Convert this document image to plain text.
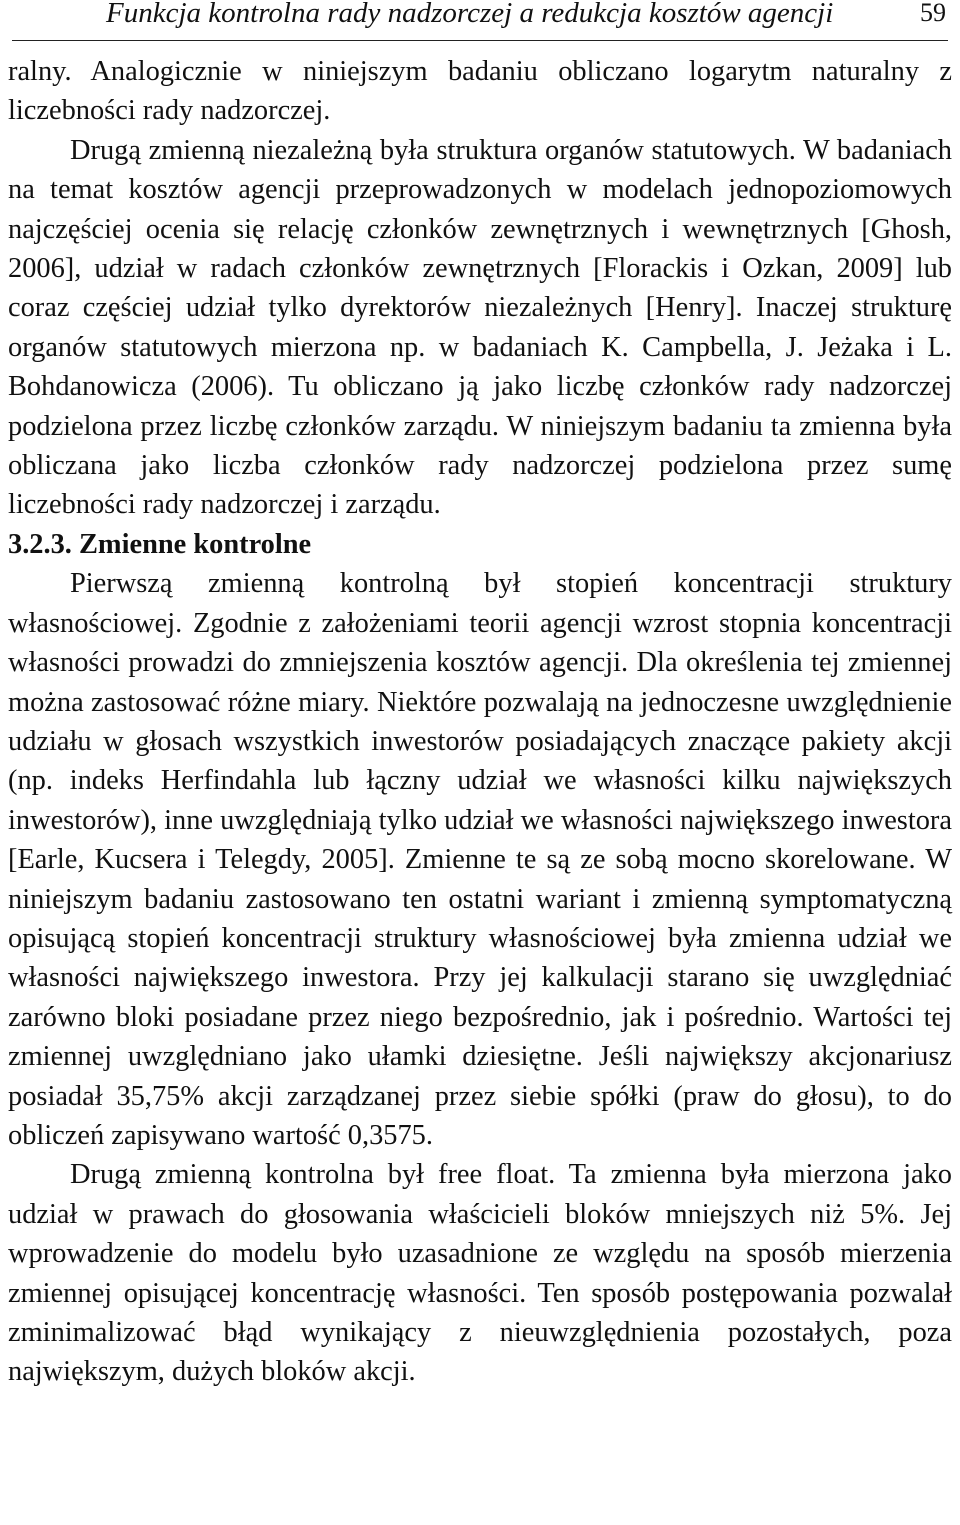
Funkcja kontrolna rady nadzorczej a redukcja kosztów agencji	59

ralny. Analogicznie w niniejszym badaniu obliczano logarytm naturalny z liczebności rady nadzorczej.

Drugą zmienną niezależną była struktura organów statutowych. W badaniach na temat kosztów agencji przeprowadzonych w modelach jednopoziomowych najczęściej ocenia się relację członków zewnętrznych i wewnętrznych [Ghosh, 2006], udział w radach członków zewnętrznych [Florackis i Ozkan, 2009] lub coraz częściej udział tylko dyrektorów niezależnych [Henry]. Inaczej strukturę organów statutowych mierzona np. w badaniach K. Campbella, J. Jeżaka i L. Bohdanowicza (2006). Tu obliczano ją jako liczbę członków rady nadzorczej podzielona przez liczbę członków zarządu. W niniejszym badaniu ta zmienna była obliczana jako liczba członków rady nadzorczej podzielona przez sumę liczebności rady nadzorczej i zarządu.

3.2.3. Zmienne kontrolne

Pierwszą zmienną kontrolną był stopień koncentracji struktury własnościowej. Zgodnie z założeniami teorii agencji wzrost stopnia koncentracji własności prowadzi do zmniejszenia kosztów agencji. Dla określenia tej zmiennej można zastosować różne miary. Niektóre pozwalają na jednoczesne uwzględnienie udziału w głosach wszystkich inwestorów posiadających znaczące pakiety akcji (np. indeks Herfindahla lub łączny udział we własności kilku największych inwestorów), inne uwzględniają tylko udział we własności największego inwestora [Earle, Kucsera i Telegdy, 2005]. Zmienne te są ze sobą mocno skorelowane. W niniejszym badaniu zastosowano ten ostatni wariant i zmienną symptomatyczną opisującą stopień koncentracji struktury własnościowej była zmienna udział we własności największego inwestora. Przy jej kalkulacji starano się uwzględniać zarówno bloki posiadane przez niego bezpośrednio, jak i pośrednio. Wartości tej zmiennej uwzględniano jako ułamki dziesiętne. Jeśli największy akcjonariusz posiadał 35,75% akcji zarządzanej przez siebie spółki (praw do głosu), to do obliczeń zapisywano wartość 0,3575.

Drugą zmienną kontrolna był free float. Ta zmienna była mierzona jako udział w prawach do głosowania właścicieli bloków mniejszych niż 5%. Jej wprowadzenie do modelu było uzasadnione ze względu na sposób mierzenia zmiennej opisującej koncentrację własności. Ten sposób postępowania pozwalał zminimalizować błąd wynikający z nieuwzględnienia pozostałych, poza największym, dużych bloków akcji.
